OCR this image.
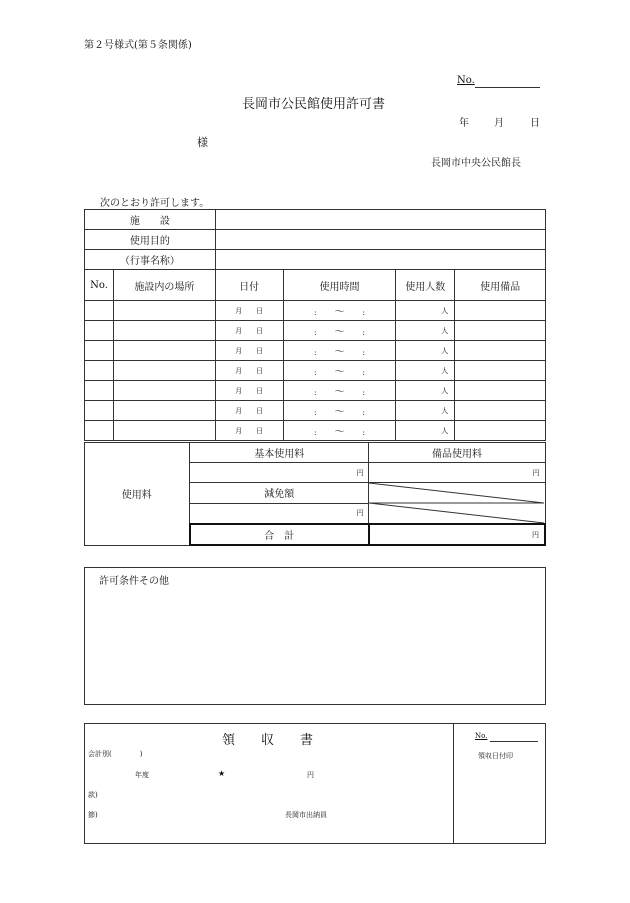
第２号様式(第５条関係)
No.
長岡市公民館使用許可書
年	月	日
様
長岡市中央公民館長
次のとおり許可します。
施　　設	
使用目的	
（行事名称）	
No.	施設内の場所	日付	使用時間	使用人数	使用備品
		月 日	: 〜 :	人	
		月 日	: 〜 :	人	
		月 日	: 〜 :	人	
		月 日	: 〜 :	人	
		月 日	: 〜 :	人	
		月 日	: 〜 :	人	
		月 日	: 〜 :	人	
使用料	基本使用料	備品使用料
	円	円
	減免額	

	円	
	合　計	円
許可条件その他
領　　収　　書	No.
領収日付印
会計別(　　　　)
年度	★	円
款)
節)	長岡市出納員
